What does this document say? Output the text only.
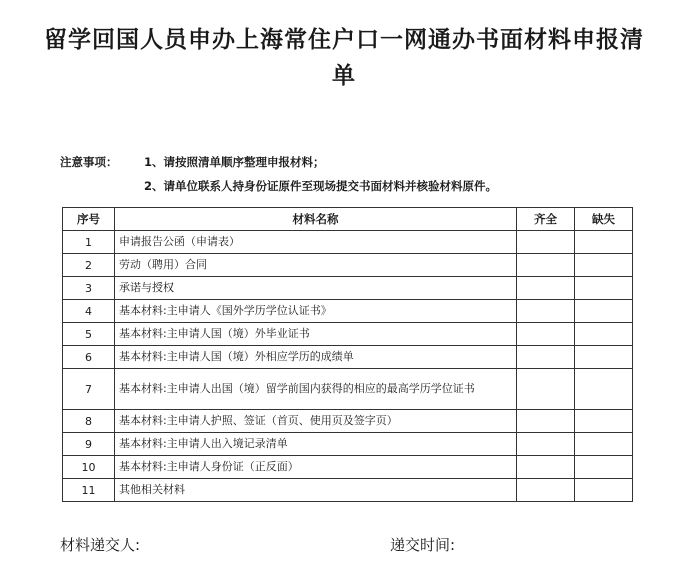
留学回国人员申办上海常住户口一网通办书面材料申报清单
注意事项： 1、请按照清单顺序整理申报材料；
2、请单位联系人持身份证原件至现场提交书面材料并核验材料原件。
序号	材料名称	齐全	缺失
1	申请报告公函（申请表）		
2	劳动（聘用）合同		
3	承诺与授权		
4	基本材料:主申请人《国外学历学位认证书》		
5	基本材料:主申请人国（境）外毕业证书		
6	基本材料:主申请人国（境）外相应学历的成绩单		
7	基本材料:主申请人出国（境）留学前国内获得的相应的最高学历学位证书		
8	基本材料:主申请人护照、签证（首页、使用页及签字页）		
9	基本材料:主申请人出入境记录清单		
10	基本材料:主申请人身份证（正反面）		
11	其他相关材料		
材料递交人:	递交时间:
